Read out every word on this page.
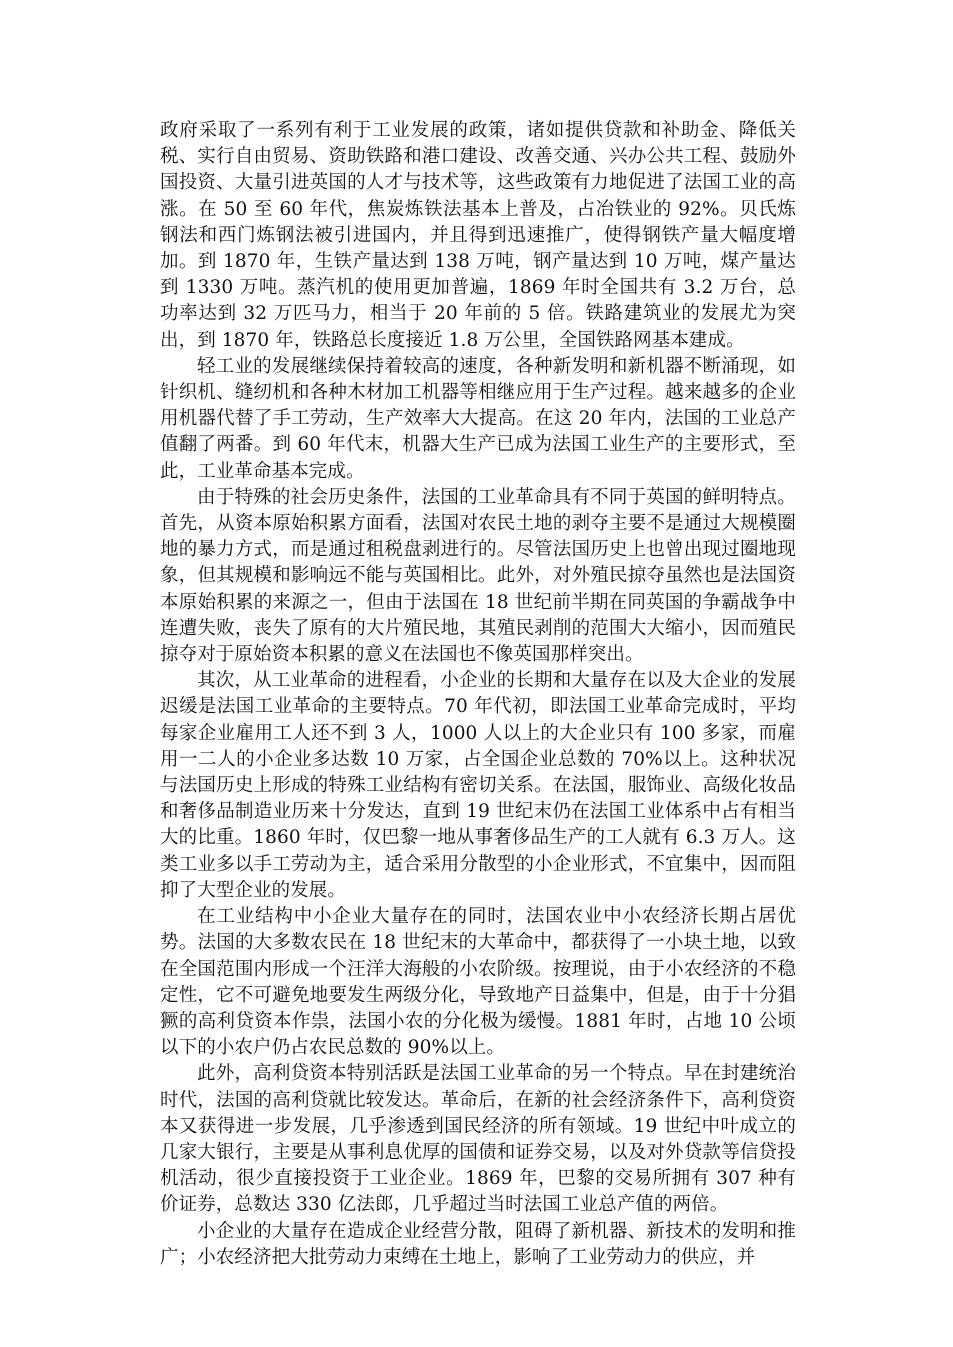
政府采取了一系列有利于工业发展的政策，诸如提供贷款和补助金、降低关税、实行自由贸易、资助铁路和港口建设、改善交通、兴办公共工程、鼓励外国投资、大量引进英国的人才与技术等，这些政策有力地促进了法国工业的高涨。在 50 至 60 年代，焦炭炼铁法基本上普及，占冶铁业的 92%。贝氏炼钢法和西门炼钢法被引进国内，并且得到迅速推广，使得钢铁产量大幅度增加。到 1870 年，生铁产量达到 138 万吨，钢产量达到 10 万吨，煤产量达到 1330 万吨。蒸汽机的使用更加普遍，1869 年时全国共有 3.2 万台，总功率达到 32 万匹马力，相当于 20 年前的 5 倍。铁路建筑业的发展尤为突出，到 1870 年，铁路总长度接近 1.8 万公里，全国铁路网基本建成。

轻工业的发展继续保持着较高的速度，各种新发明和新机器不断涌现，如针织机、缝纫机和各种木材加工机器等相继应用于生产过程。越来越多的企业用机器代替了手工劳动，生产效率大大提高。在这 20 年内，法国的工业总产值翻了两番。到 60 年代末，机器大生产已成为法国工业生产的主要形式，至此，工业革命基本完成。

由于特殊的社会历史条件，法国的工业革命具有不同于英国的鲜明特点。首先，从资本原始积累方面看，法国对农民土地的剥夺主要不是通过大规模圈地的暴力方式，而是通过租税盘剥进行的。尽管法国历史上也曾出现过圈地现象，但其规模和影响远不能与英国相比。此外，对外殖民掠夺虽然也是法国资本原始积累的来源之一，但由于法国在 18 世纪前半期在同英国的争霸战争中连遭失败，丧失了原有的大片殖民地，其殖民剥削的范围大大缩小，因而殖民掠夺对于原始资本积累的意义在法国也不像英国那样突出。

其次，从工业革命的进程看，小企业的长期和大量存在以及大企业的发展迟缓是法国工业革命的主要特点。70 年代初，即法国工业革命完成时，平均每家企业雇用工人还不到 3 人，1000 人以上的大企业只有 100 多家，而雇用一二人的小企业多达数 10 万家，占全国企业总数的 70%以上。这种状况与法国历史上形成的特殊工业结构有密切关系。在法国，服饰业、高级化妆品和奢侈品制造业历来十分发达，直到 19 世纪末仍在法国工业体系中占有相当大的比重。1860 年时，仅巴黎一地从事奢侈品生产的工人就有 6.3 万人。这类工业多以手工劳动为主，适合采用分散型的小企业形式，不宜集中，因而阻抑了大型企业的发展。

在工业结构中小企业大量存在的同时，法国农业中小农经济长期占居优势。法国的大多数农民在 18 世纪末的大革命中，都获得了一小块土地，以致在全国范围内形成一个汪洋大海般的小农阶级。按理说，由于小农经济的不稳定性，它不可避免地要发生两级分化，导致地产日益集中，但是，由于十分猖獗的高利贷资本作祟，法国小农的分化极为缓慢。1881 年时，占地 10 公顷以下的小农户仍占农民总数的 90%以上。

此外，高利贷资本特别活跃是法国工业革命的另一个特点。早在封建统治时代，法国的高利贷就比较发达。革命后，在新的社会经济条件下，高利贷资本又获得进一步发展，几乎渗透到国民经济的所有领域。19 世纪中叶成立的几家大银行，主要是从事利息优厚的国债和证券交易，以及对外贷款等信贷投机活动，很少直接投资于工业企业。1869 年，巴黎的交易所拥有 307 种有价证券，总数达 330 亿法郎，几乎超过当时法国工业总产值的两倍。

小企业的大量存在造成企业经营分散，阻碍了新机器、新技术的发明和推广；小农经济把大批劳动力束缚在土地上，影响了工业劳动力的供应，并
